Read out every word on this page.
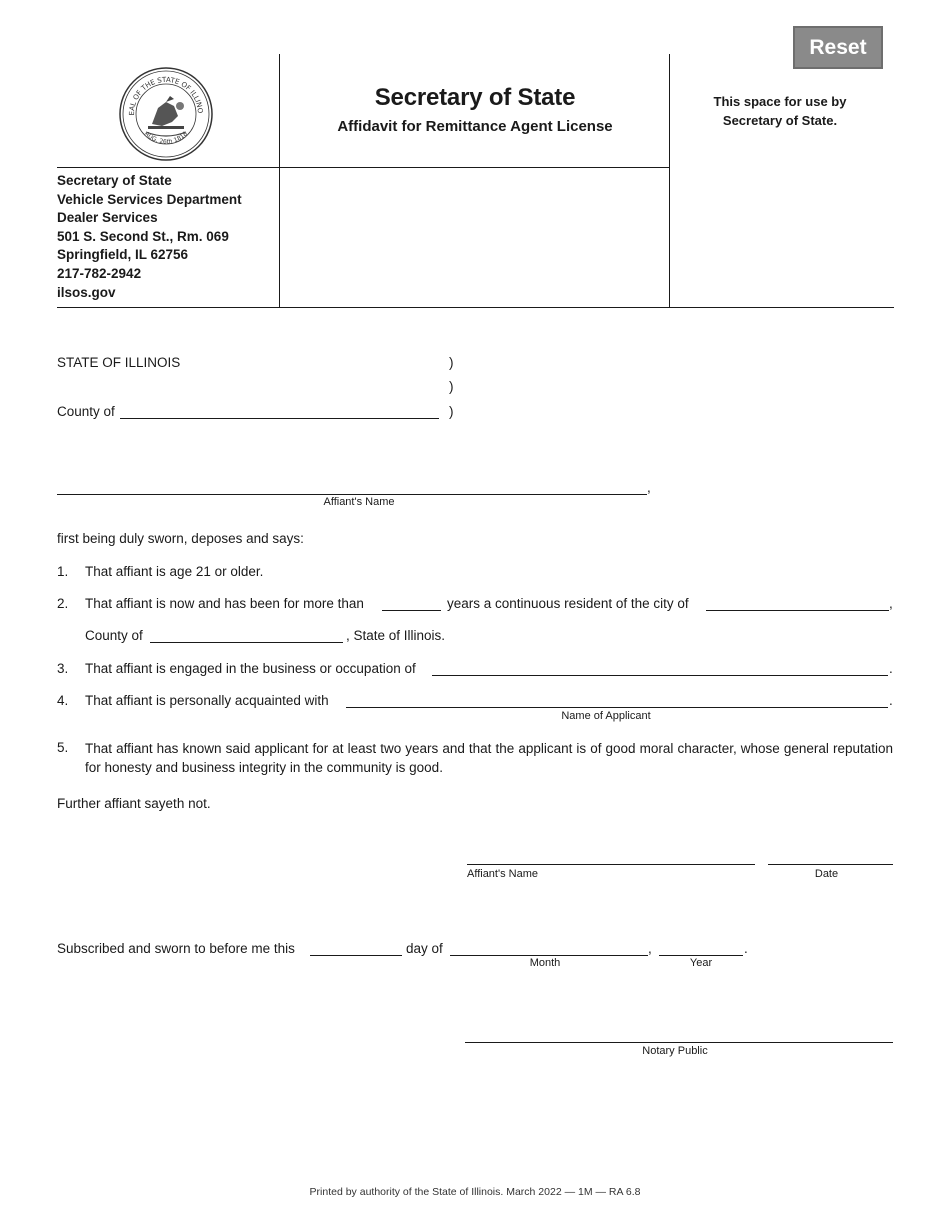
Reset
EAL OF THE STATE OF ILLINO
AUG. 26th 1818
Secretary of State
Affidavit for Remittance Agent License
This space for use by
Secretary of State.
Secretary of State
Vehicle Services Department
Dealer Services
501 S. Second St., Rm. 069
Springfield, IL 62756
217-782-2942
ilsos.gov
STATE OF ILLINOIS	)
)
County of	)
,
Affiant's Name
first being duly sworn, deposes and says:
1. That affiant is age 21 or older.
2. That affiant is now and has been for more than	years a continuous resident of the city of	,
County of	, State of Illinois.
3. That affiant is engaged in the business or occupation of	.
4. That affiant is personally acquainted with	.
Name of Applicant
5. That affiant has known said applicant for at least two years and that the applicant is of good moral character, whose general reputation for honesty and business integrity in the community is good.
Further affiant sayeth not.
Affiant's Name	Date
Subscribed and sworn to before me this	day of	,	.
Month	Year
Notary Public
Printed by authority of the State of Illinois. March 2022 — 1M — RA 6.8
